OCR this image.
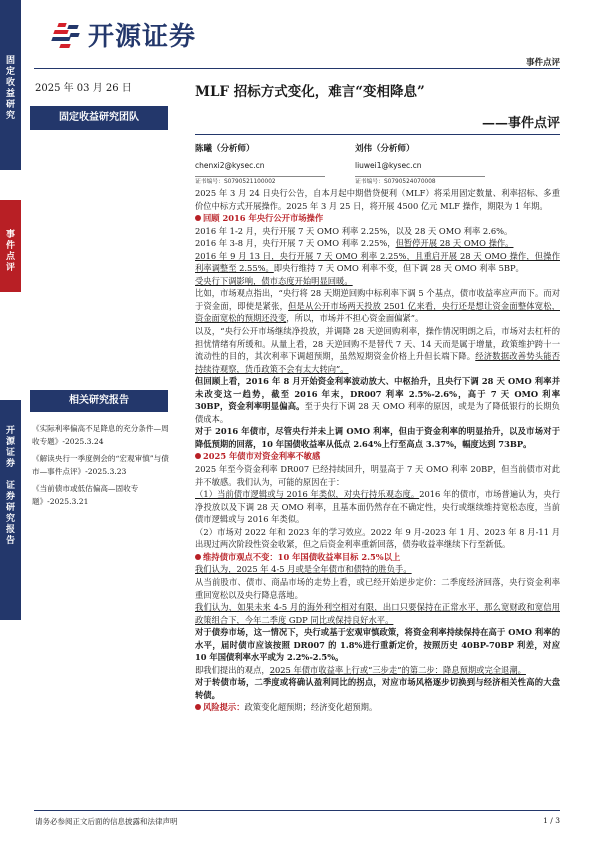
固
定
收
益
研
究
事
件
点
评
开
源
证
券

证
券
研
究
报
告
开源证券
事件点评
2025 年 03 月 26 日
固定收益研究团队
相关研究报告
《实际利率偏高不足降息的充分条件—周收专题》-2025.3.24
《解读央行一季度例会的“宏观审慎”与债市—事件点评》-2025.3.23
《当前债市或低估偏高—固收专题》-2025.3.21
MLF 招标方式变化，难言“变相降息”
——事件点评
陈曦（分析师）
chenxi2@kysec.cn
证书编号：S0790521100002
刘伟（分析师）
liuwei1@kysec.cn
证书编号：S0790524070008

2025 年 3 月 24 日央行公告，自本月起中期借贷便利（MLF）将采用固定数量、利率招标、多重价位中标方式开展操作。2025 年 3 月 25 日，将开展 4500 亿元 MLF 操作，期限为 1 年期。

回顾 2016 年央行公开市场操作

2016 年 1-2 月，央行开展 7 天 OMO 利率 2.25%，以及 28 天 OMO 利率 2.6%。

2016 年 3-8 月，央行开展 7 天 OMO 利率 2.25%，但暂停开展 28 天 OMO 操作。

2016 年 9 月 13 日，央行开展 7 天 OMO 利率 2.25%，且重启开展 28 天 OMO 操作，但操作利率调整至 2.55%。即央行维持 7 天 OMO 利率不变，但下调 28 天 OMO 利率 5BP。

受央行下调影响，债市态度开始明显回暖。

比如，市场观点指出，“央行将 28 天期逆回购中标利率下调 5 个基点，债市收益率应声而下。而对于资金面，即使是紧张，但是从公开市场两天投放 2501 亿来看，央行还是想让资金面整体宽松，资金面宽松的预期还没变，所以，市场并不担心资金面偏紧”。

以及，“央行公开市场继续净投放，并调降 28 天逆回购利率，操作情况明朗之后，市场对去杠杆的担忧情绪有所缓和。从量上看，28 天逆回购不是替代 7 天、14 天而是属于增量，政策维护跨十一流动性的目的，其次利率下调超预期，虽然短期资金价格上升但长端下降。经济数据改善势头能否持续待观察，货币政策不会有太大转向”。

但回顾上看，2016 年 8 月开始资金利率波动放大、中枢抬升，且央行下调 28 天 OMO 利率并未改变这一趋势，截至 2016 年末，DR007 利率 2.5%-2.6%，高于 7 天 OMO 利率 30BP，资金利率明显偏高。至于央行下调 28 天 OMO 利率的原因，或是为了降低银行的长期负债成本。

对于 2016 年债市，尽管央行并未上调 OMO 利率，但由于资金利率的明显抬升，以及市场对于降低预期的回落，10 年国债收益率从低点 2.64%上行至高点 3.37%，幅度达到 73BP。

2025 年债市对资金利率不敏感

2025 年至今资金利率 DR007 已经持续回升，明显高于 7 天 OMO 利率 20BP，但当前债市对此并不敏感。我们认为，可能的原因在于：

（1）当前债市逻辑或与 2016 年类似，对央行持乐观态度。2016 年的债市，市场普遍认为，央行净投放以及下调 28 天 OMO 利率，且基本面仍然存在不确定性，央行或继续维持宽松态度，当前债市逻辑或与 2016 年类似。

（2）市场对 2022 年和 2023 年的学习效应。2022 年 9 月-2023 年 1 月、2023 年 8 月-11 月出现过两次阶段性资金收紧，但之后资金利率重新回落，债券收益率继续下行至新低。

维持债市观点不变：10 年国债收益率目标 2.5%以上

我们认为，2025 年 4-5 月或是全年债市和债特的胜负手。

从当前股市、债市、商品市场的走势上看，或已经开始逆步定价：二季度经济回落，央行资金利率重回宽松以及央行降息落地。

我们认为，如果未来 4-5 月的海外利空相对有限，出口只要保持在正常水平，那么宽财政和宽信用政策组合下，今年二季度 GDP 同比或保持良好水平。

对于债券市场，这一情况下，央行或基于宏观审慎政策，将资金利率持续保持在高于 OMO 利率的水平，届时债市应该按照 DR007 的 1.8%进行重新定价，按照历史 40BP-70BP 利差，对应 10 年国债利率水平或为 2.2%-2.5%。

即我们提出的观点，2025 年债市收益率上行或“三步走”的第二步：降息预期或完全退潮。

对于转债市场，二季度或将确认盈利同比的拐点，对应市场风格逐步切换到与经济相关性高的大盘转债。

风险提示：政策变化超预期；经济变化超预期。

请务必参阅正文后面的信息披露和法律声明	1 / 3
